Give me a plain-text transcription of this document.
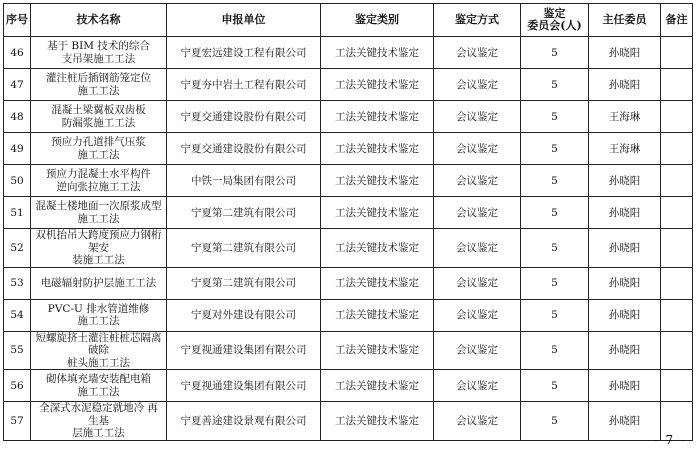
序号	技术名称	申报单位	鉴定类别	鉴定方式	鉴定
委员会(人)	主任委员	备注
46	基于 BIM 技术的综合
支吊架施工工法	宁夏宏远建设工程有限公司	工法关键技术鉴定	会议鉴定	5	孙晓阳	
47	灌注桩后插钢筋笼定位
施工工法	宁夏夯中岩土工程有限公司	工法关键技术鉴定	会议鉴定	5	孙晓阳	
48	混凝土梁翼板双齿板
防漏浆施工工法	宁夏交通建设股份有限公司	工法关键技术鉴定	会议鉴定	5	王海琳	
49	预应力孔道排气压浆
施工工法	宁夏交通建设股份有限公司	工法关键技术鉴定	会议鉴定	5	王海琳	
50	预应力混凝土水平构件
逆向张拉施工工法	中铁一局集团有限公司	工法关键技术鉴定	会议鉴定	5	孙晓阳	
51	混凝土楼地面一次原浆成型
施工工法	宁夏第二建筑有限公司	工法关键技术鉴定	会议鉴定	5	孙晓阳	
52	双机抬吊大跨度预应力钢桁架安
装施工工法	宁夏第二建筑有限公司	工法关键技术鉴定	会议鉴定	5	孙晓阳	
53	电磁辐射防护层施工工法	宁夏第二建筑有限公司	工法关键技术鉴定	会议鉴定	5	孙晓阳	
54	PVC-U 排水管道维修
施工工法	宁夏对外建设有限公司	工法关键技术鉴定	会议鉴定	5	孙晓阳	
55	短螺旋挤土灌注桩桩芯隔离破除
桩头施工工法	宁夏视通建设集团有限公司	工法关键技术鉴定	会议鉴定	5	孙晓阳	
56	砌体填充墙安装配电箱
施工工法	宁夏视通建设集团有限公司	工法关键技术鉴定	会议鉴定	5	孙晓阳	
57	全深式水泥稳定就地冷 再生基
层施工工法	宁夏善途建设景观有限公司	工法关键技术鉴定	会议鉴定	5	孙晓阳	
- 7 -
